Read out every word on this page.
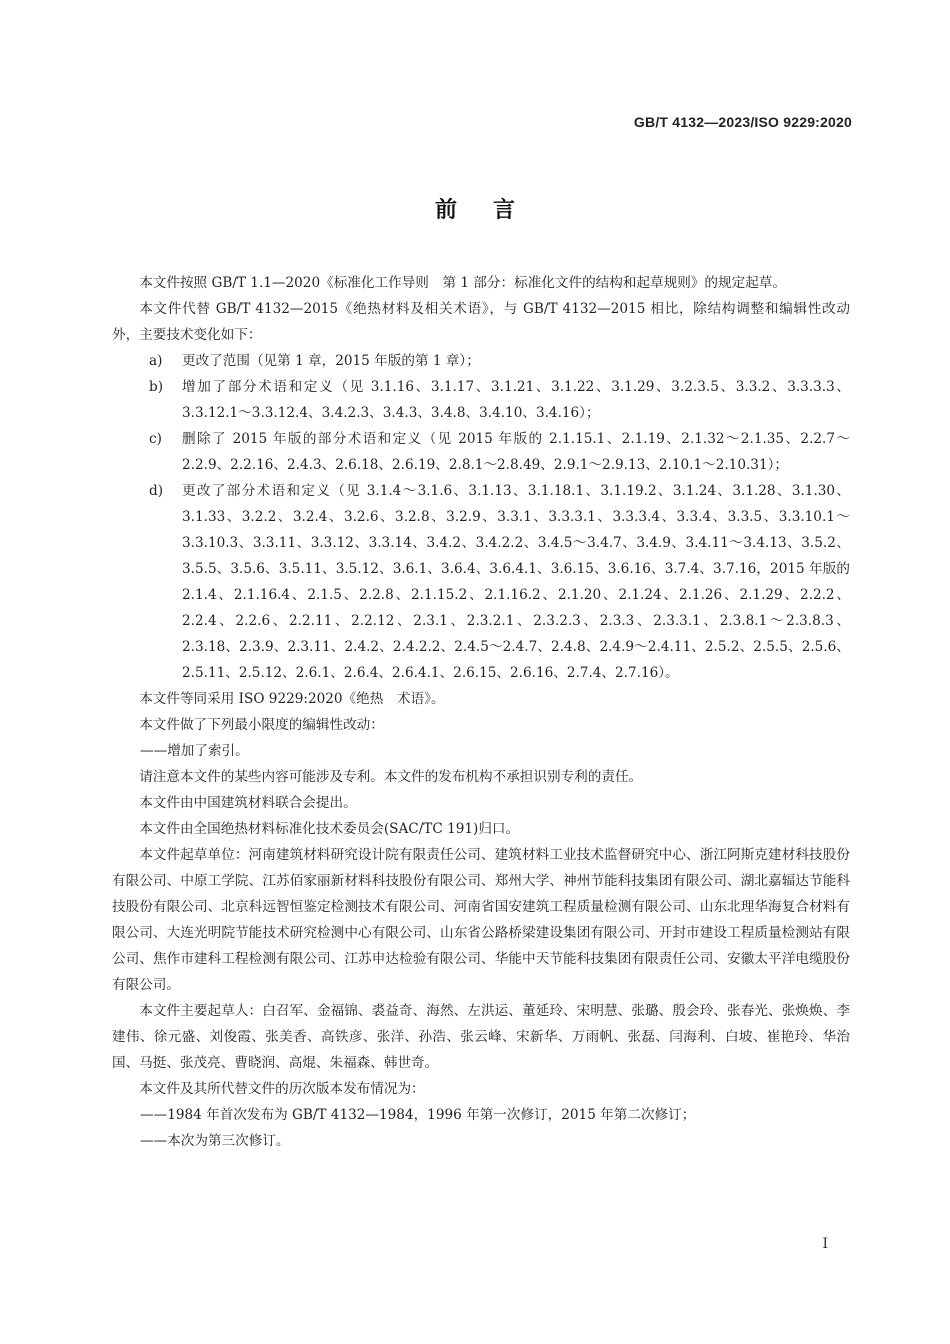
GB/T 4132—2023/ISO 9229:2020
前言

本文件按照 GB/T 1.1—2020《标准化工作导则　第 1 部分：标准化文件的结构和起草规则》的规定起草。

本文件代替 GB/T 4132—2015《绝热材料及相关术语》，与 GB/T 4132—2015 相比，除结构调整和编辑性改动外，主要技术变化如下：

a) 更改了范围（见第 1 章，2015 年版的第 1 章）；
b) 增加了部分术语和定义（见 3.1.16、3.1.17、3.1.21、3.1.22、3.1.29、3.2.3.5、3.3.2、3.3.3.3、3.3.12.1～3.3.12.4、3.4.2.3、3.4.3、3.4.8、3.4.10、3.4.16）；
c) 删除了 2015 年版的部分术语和定义（见 2015 年版的 2.1.15.1、2.1.19、2.1.32～2.1.35、2.2.7～2.2.9、2.2.16、2.4.3、2.6.18、2.6.19、2.8.1～2.8.49、2.9.1～2.9.13、2.10.1～2.10.31）；
d) 更改了部分术语和定义（见 3.1.4～3.1.6、3.1.13、3.1.18.1、3.1.19.2、3.1.24、3.1.28、3.1.30、3.1.33、3.2.2、3.2.4、3.2.6、3.2.8、3.2.9、3.3.1、3.3.3.1、3.3.3.4、3.3.4、3.3.5、3.3.10.1～3.3.10.3、3.3.11、3.3.12、3.3.14、3.4.2、3.4.2.2、3.4.5～3.4.7、3.4.9、3.4.11～3.4.13、3.5.2、3.5.5、3.5.6、3.5.11、3.5.12、3.6.1、3.6.4、3.6.4.1、3.6.15、3.6.16、3.7.4、3.7.16，2015 年版的 2.1.4、2.1.16.4、2.1.5、2.2.8、2.1.15.2、2.1.16.2、2.1.20、2.1.24、2.1.26、2.1.29、2.2.2、2.2.4、2.2.6、2.2.11、2.2.12、2.3.1、2.3.2.1、2.3.2.3、2.3.3、2.3.3.1、2.3.8.1～2.3.8.3、2.3.18、2.3.9、2.3.11、2.4.2、2.4.2.2、2.4.5～2.4.7、2.4.8、2.4.9～2.4.11、2.5.2、2.5.5、2.5.6、2.5.11、2.5.12、2.6.1、2.6.4、2.6.4.1、2.6.15、2.6.16、2.7.4、2.7.16）。

本文件等同采用 ISO 9229:2020《绝热　术语》。

本文件做了下列最小限度的编辑性改动：

——增加了索引。

请注意本文件的某些内容可能涉及专利。本文件的发布机构不承担识别专利的责任。

本文件由中国建筑材料联合会提出。

本文件由全国绝热材料标准化技术委员会(SAC/TC 191)归口。

本文件起草单位：河南建筑材料研究设计院有限责任公司、建筑材料工业技术监督研究中心、浙江阿斯克建材科技股份有限公司、中原工学院、江苏佰家丽新材料科技股份有限公司、郑州大学、神州节能科技集团有限公司、湖北嘉辐达节能科技股份有限公司、北京科远智恒鉴定检测技术有限公司、河南省国安建筑工程质量检测有限公司、山东北理华海复合材料有限公司、大连光明院节能技术研究检测中心有限公司、山东省公路桥梁建设集团有限公司、开封市建设工程质量检测站有限公司、焦作市建科工程检测有限公司、江苏申达检验有限公司、华能中天节能科技集团有限责任公司、安徽太平洋电缆股份有限公司。

本文件主要起草人：白召军、金福锦、裘益奇、海然、左洪运、董延玲、宋明慧、张璐、殷会玲、张春光、张焕焕、李建伟、徐元盛、刘俊霞、张美香、高铁彦、张洋、孙浩、张云峰、宋新华、万雨帆、张磊、闫海利、白坡、崔艳玲、华治国、马挺、张茂亮、曹晓润、高焜、朱福森、韩世奇。

本文件及其所代替文件的历次版本发布情况为：

——1984 年首次发布为 GB/T 4132—1984，1996 年第一次修订，2015 年第二次修订；

——本次为第三次修订。

I
